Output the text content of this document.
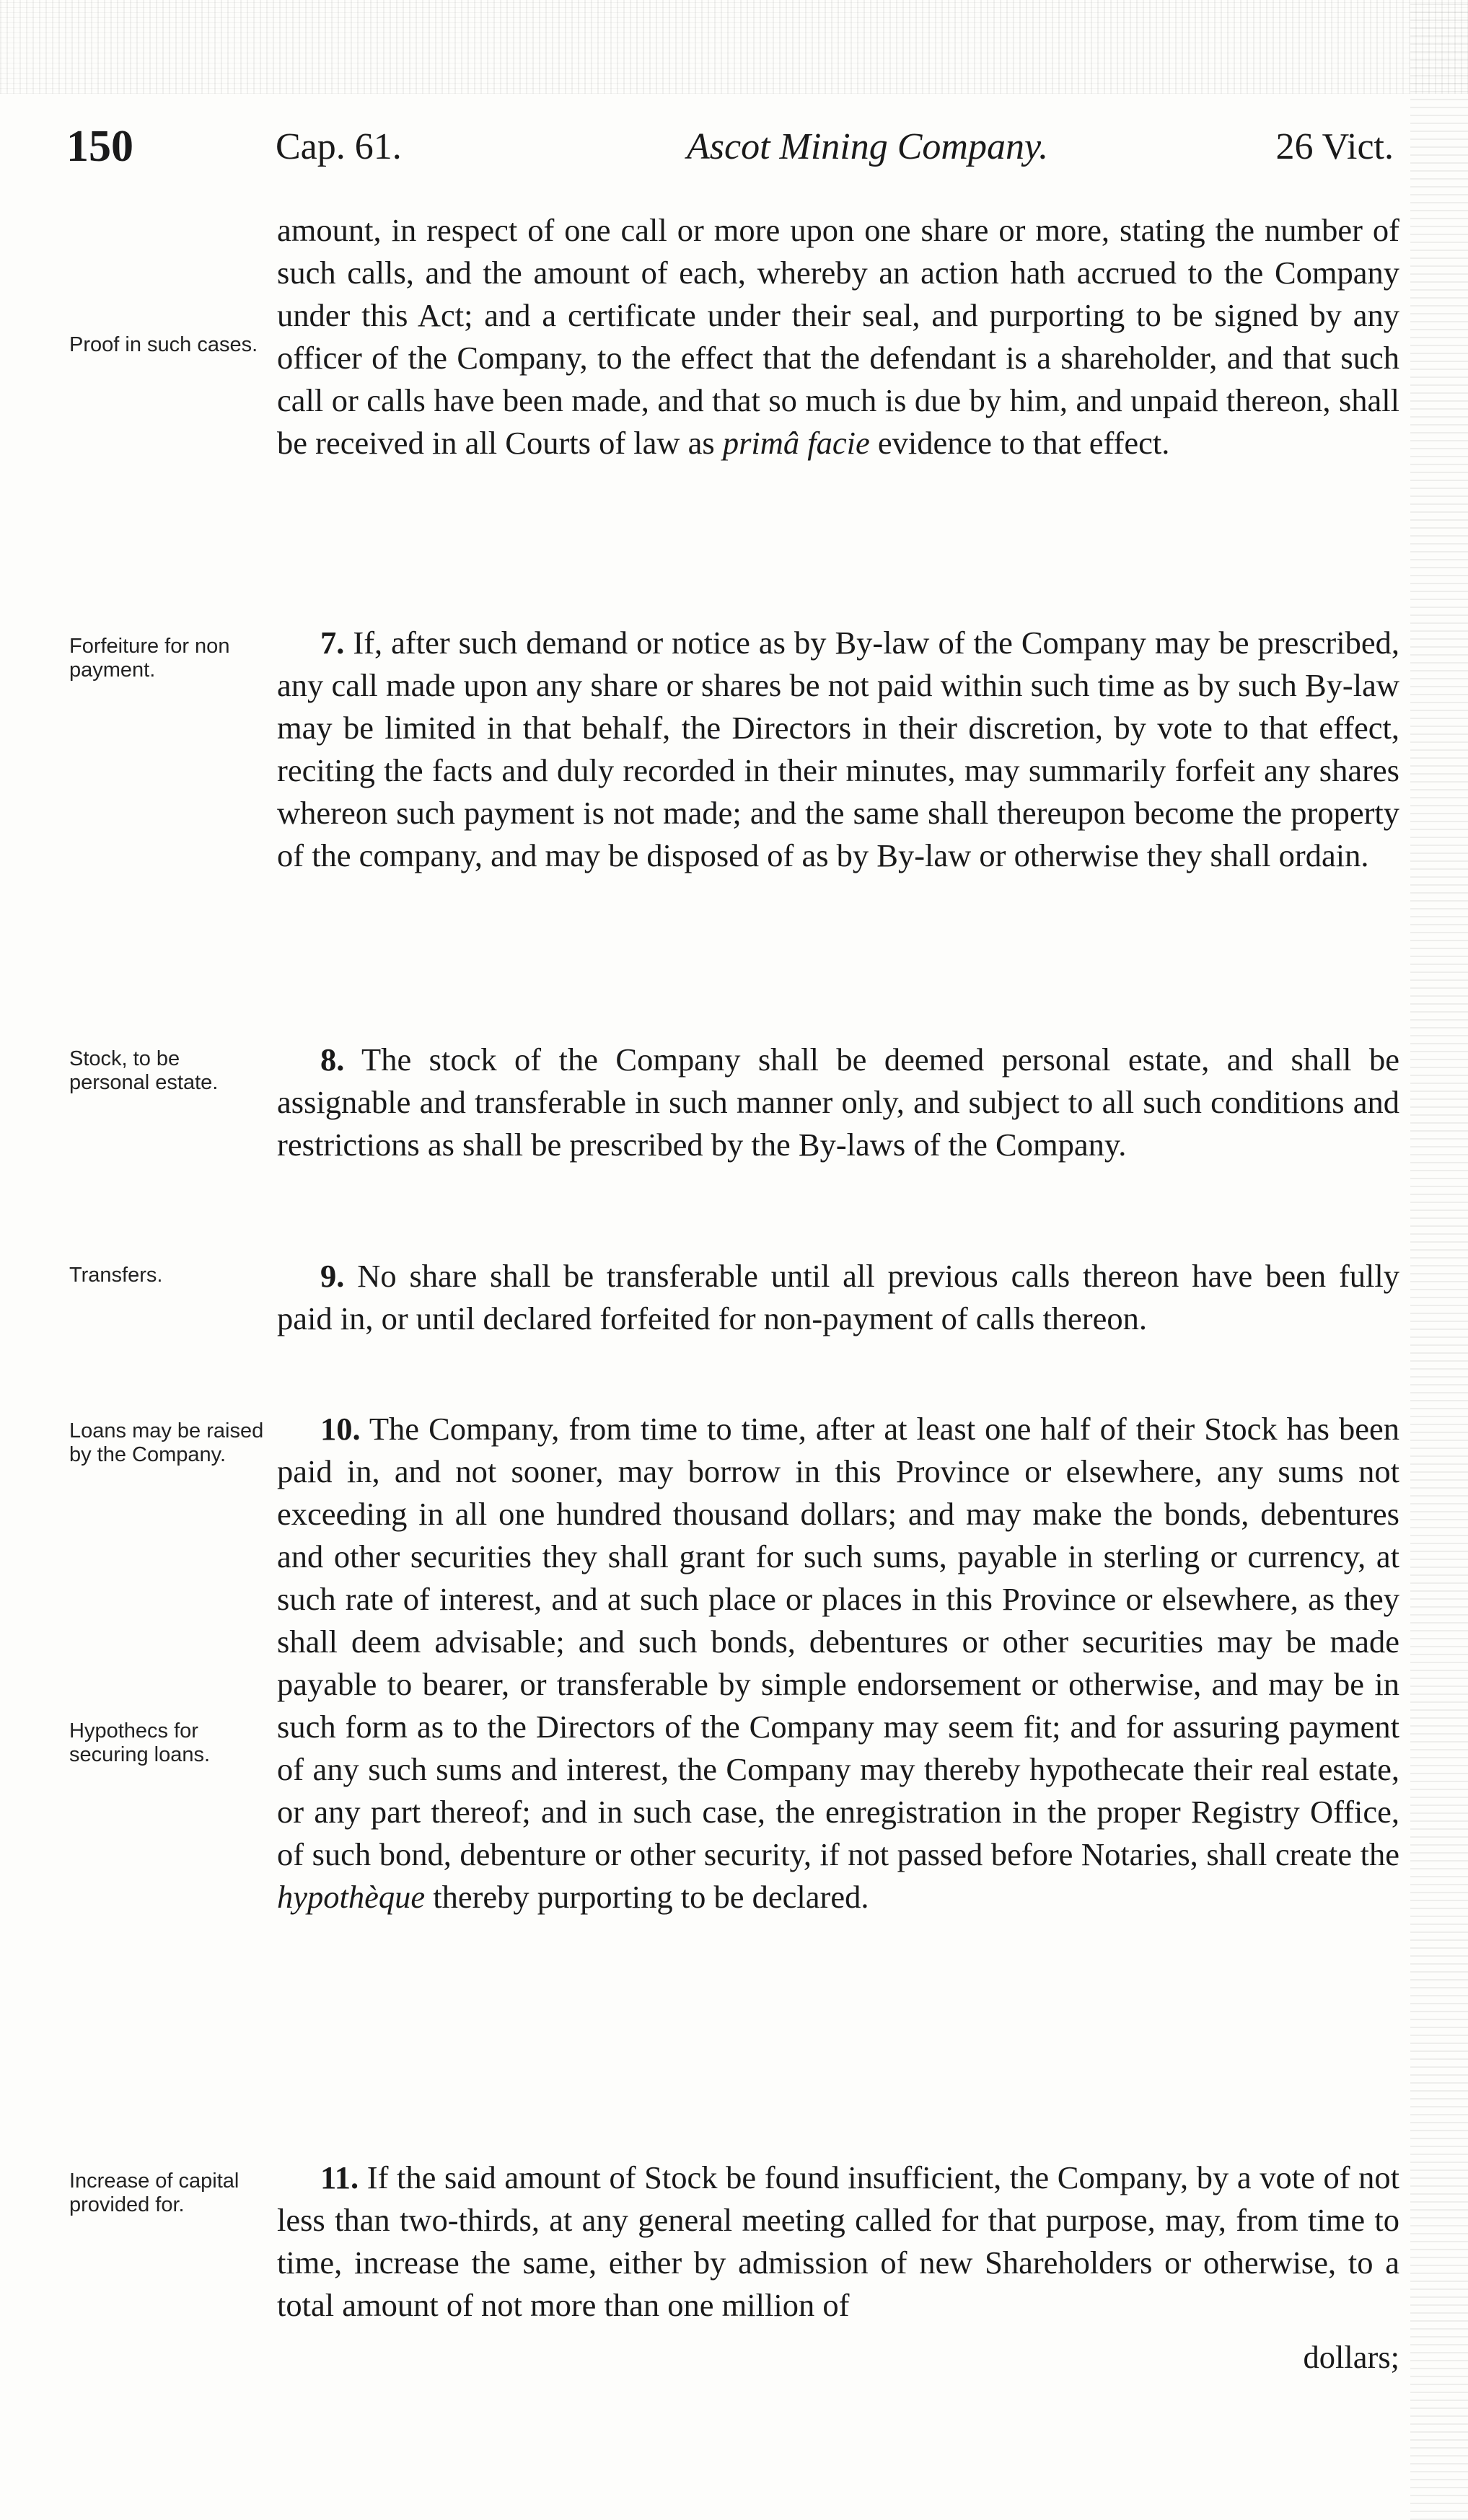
150	Cap. 61.	Ascot Mining Company.	26 Vict.
Proof in such cases.
Forfeiture for non payment.
Stock, to be personal estate.
Transfers.
Loans may be raised by the Company.
Hypothecs for securing loans.
Increase of capital provided for.
amount, in respect of one call or more upon one share or more, stating the number of such calls, and the amount of each, whereby an action hath accrued to the Company under this Act; and a certificate under their seal, and purporting to be signed by any officer of the Company, to the effect that the defendant is a shareholder, and that such call or calls have been made, and that so much is due by him, and unpaid thereon, shall be received in all Courts of law as primâ facie evidence to that effect.
7. If, after such demand or notice as by By-law of the Company may be prescribed, any call made upon any share or shares be not paid within such time as by such By-law may be limited in that behalf, the Directors in their discretion, by vote to that effect, reciting the facts and duly recorded in their minutes, may summarily forfeit any shares whereon such payment is not made; and the same shall thereupon become the property of the company, and may be disposed of as by By-law or otherwise they shall ordain.
8. The stock of the Company shall be deemed personal estate, and shall be assignable and transferable in such manner only, and subject to all such conditions and restrictions as shall be prescribed by the By-laws of the Company.
9. No share shall be transferable until all previous calls thereon have been fully paid in, or until declared forfeited for non-payment of calls thereon.
10. The Company, from time to time, after at least one half of their Stock has been paid in, and not sooner, may borrow in this Province or elsewhere, any sums not exceeding in all one hundred thousand dollars; and may make the bonds, debentures and other securities they shall grant for such sums, payable in sterling or currency, at such rate of interest, and at such place or places in this Province or elsewhere, as they shall deem advisable; and such bonds, debentures or other securities may be made payable to bearer, or transferable by simple endorsement or otherwise, and may be in such form as to the Directors of the Company may seem fit; and for assuring payment of any such sums and interest, the Company may thereby hypothecate their real estate, or any part thereof; and in such case, the enregistration in the proper Registry Office, of such bond, debenture or other security, if not passed before Notaries, shall create the hypothèque thereby purporting to be declared.
11. If the said amount of Stock be found insufficient, the Company, by a vote of not less than two-thirds, at any general meeting called for that purpose, may, from time to time, increase the same, either by admission of new Shareholders or otherwise, to a total amount of not more than one million of
dollars;
